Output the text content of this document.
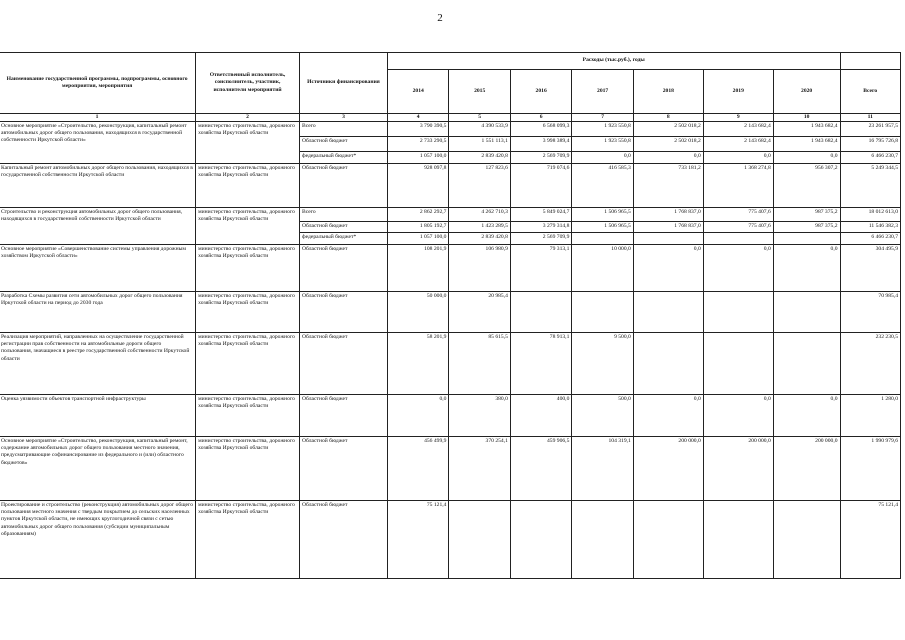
2
Наименование государственной программы, подпрограммы, основного мероприятия, мероприятия	Ответственный исполнитель, соисполнитель, участник, исполнители мероприятий	Источники финансирования	Расходы (тыс.руб.), годы							
			2014	2015	2016	2017	2018	2019	2020	Всего
1	2	3	4	5	6	7	8	9	10	11
Основное мероприятие «Строительство, реконструкция, капитальный ремонт автомобильных дорог общего пользования, находящихся в государственной собственности Иркутской области»	министерство строительства, дорожного хозяйства Иркутской области	Всего	3 790 390,5	4 390 533,9	6 568 099,3	1 923 550,8	2 502 018,2	2 143 682,4	1 943 682,4	23 261 957,5
		Областной бюджет	2 733 290,5	1 551 113,1	3 998 389,4	1 923 550,8	2 502 018,2	2 143 682,4	1 943 682,4	16 795 726,8
		федеральный бюджет*	1 057 100,0	2 839 420,8	2 569 709,9	0,0	0,0	0,0	0,0	6 466 230,7
Капитальный ремонт автомобильных дорог общего пользования, находящихся в государственной собственности Иркутской области	министерство строительства, дорожного хозяйства Иркутской области	Областной бюджет	928 097,8	127 823,6	719 074,6	416 585,3	733 181,2	1 368 274,8	956 307,2	5 249 344,5
Строительство и реконструкция автомобильных дорог общего пользования, находящихся в государственной собственности Иркутской области	министерство строительства, дорожного хозяйства Иркутской области	Всего	2 862 292,7	4 262 710,3	5 849 024,7	1 506 965,5	1 768 837,0	775 407,6	987 375,2	18 012 613,0
		Областной бюджет	1 805 192,7	1 423 289,5	3 279 314,8	1 506 965,5	1 768 837,0	775 407,6	987 375,2	11 546 382,3
		федеральный бюджет*	1 057 100,0	2 839 420,8	2 569 709,9					6 466 230,7
Основное мероприятие «Совершенствование системы управления дорожным хозяйством Иркутской области»	министерство строительства, дорожного хозяйства Иркутской области	Областной бюджет	108 201,9	106 980,9	79 313,1	10 000,0	0,0	0,0	0,0	304 495,9
Разработка Схемы развития сети автомобильных дорог общего пользования Иркутской области на период до 2030 года	министерство строительства, дорожного хозяйства Иркутской области	Областной бюджет	50 000,0	20 985,4						70 985,4
Реализация мероприятий, направленных на осуществление государственной регистрации прав собственности на автомобильные дороги общего пользования, значащиеся в реестре государственной собственности Иркутской области	министерство строительства, дорожного хозяйства Иркутской области	Областной бюджет	58 201,9	85 615,5	78 913,1	9 500,0				232 230,5
Оценка уязвимости объектов транспортной инфраструктуры	министерство строительства, дорожного хозяйства Иркутской области	Областной бюджет	0,0	380,0	400,0	500,0	0,0	0,0	0,0	1 280,0
Основное мероприятие «Строительство, реконструкция, капитальный ремонт, содержание автомобильных дорог общего пользования местного значения, предусматривающие софинансирование из федерального и (или) областного бюджетов»	министерство строительства, дорожного хозяйства Иркутской области	Областной бюджет	456 499,9	370 254,1	459 906,5	104 319,1	200 000,0	200 000,0	200 000,0	1 990 979,6
Проектирование и строительство (реконструкция) автомобильных дорог общего пользования местного значения с твердым покрытием до сельских населенных пунктов Иркутской области, не имеющих круглогодичной связи с сетью автомобильных дорог общего пользования (субсидии муниципальным образованиям)	министерство строительства, дорожного хозяйства Иркутской области	Областной бюджет	75 121,4							75 121,4
